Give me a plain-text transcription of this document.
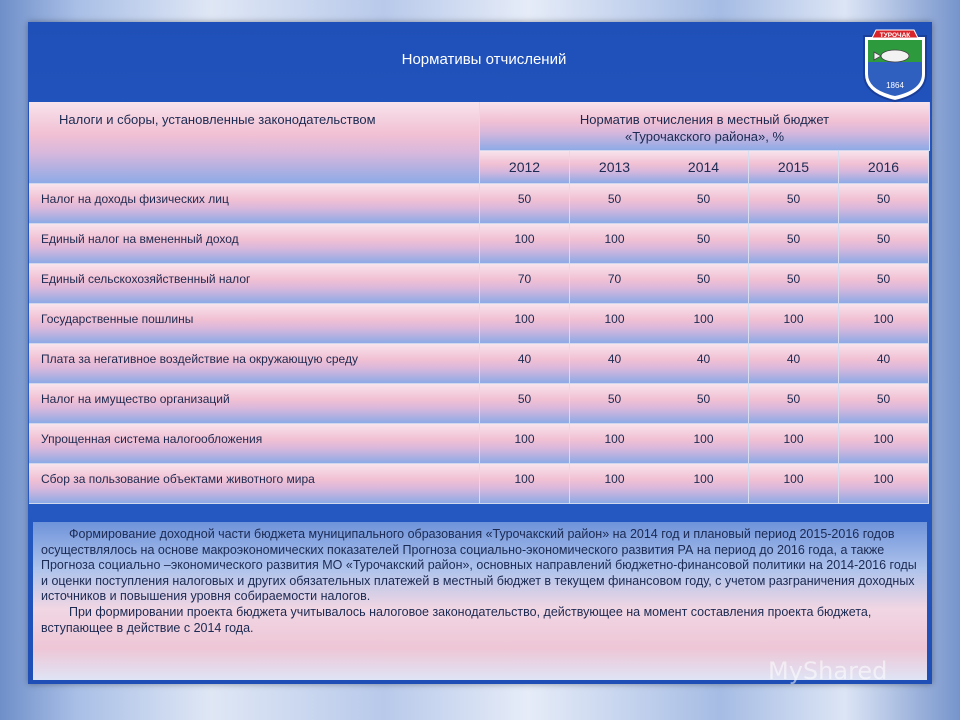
Нормативы отчислений
ТУРОЧАК
1864
Налоги и сборы, установленные законодательством	Норматив отчисления в местный бюджет
«Турочакского района», %
2012	2013	2014	2015	2016
Налог на доходы физических лиц	50	50	50	50	50
Единый налог на вмененный доход	100	100	50	50	50
Единый сельскохозяйственный налог	70	70	50	50	50
Государственные пошлины	100	100	100	100	100
Плата за негативное воздействие на окружающую среду	40	40	40	40	40
Налог на имущество организаций	50	50	50	50	50
Упрощенная система налогообложения	100	100	100	100	100
Сбор за пользование объектами животного мира	100	100	100	100	100

Формирование доходной части бюджета муниципального образования «Турочакский район» на 2014 год и плановый период 2015-2016 годов осуществлялось на основе макроэкономических показателей Прогноза социально-экономического развития РА на период до 2016 года, а также Прогноза социально –экономического развития МО «Турочакский район», основных направлений бюджетно-финансовой политики на 2014-2016 годы и оценки поступления налоговых и других обязательных платежей в местный бюджет в текущем финансовом году, с учетом разграничения доходных источников и повышения уровня собираемости налогов.

При формировании проекта бюджета учитывалось налоговое законодательство, действующее на момент составления проекта бюджета, вступающее в действие с 2014 года.

MyShared
